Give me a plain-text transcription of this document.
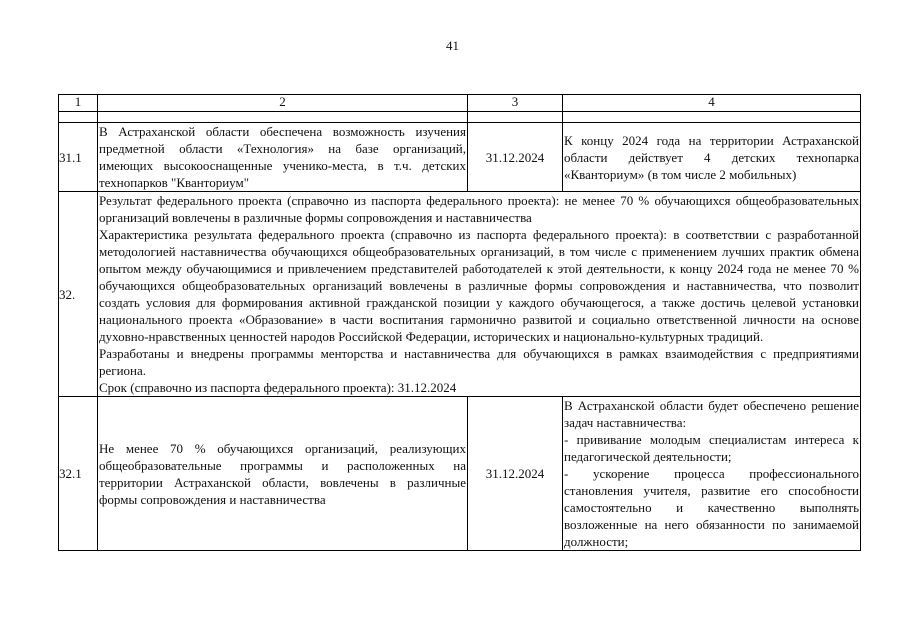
41
1	2	3	4

31.1	В Астраханской области обеспечена возможность изучения предметной области «Технология» на базе организаций, имеющих высокооснащенные ученико-места, в т.ч. детских технопарков "Кванториум"	31.12.2024	К концу 2024 года на территории Астраханской области действует 4 детских технопарка «Кванториум» (в том числе 2 мобильных)
32.	Результат федерального проекта (справочно из паспорта федерального проекта): не менее 70 % обучающихся общеобразовательных организаций вовлечены в различные формы сопровождения и наставничества
Характеристика результата федерального проекта (справочно из паспорта федерального проекта): в соответствии с разработанной методологией наставничества обучающихся общеобразовательных организаций, в том числе с применением лучших практик обмена опытом между обучающимися и привлечением представителей работодателей к этой деятельности, к концу 2024 года не менее 70 % обучающихся общеобразовательных организаций вовлечены в различные формы сопровождения и наставничества, что позволит создать условия для формирования активной гражданской позиции у каждого обучающегося, а также достичь целевой установки национального проекта «Образование» в части воспитания гармонично развитой и социально ответственной личности на основе духовно-нравственных ценностей народов Российской Федерации, исторических и национально-культурных традиций.
Разработаны и внедрены программы менторства и наставничества для обучающихся в рамках взаимодействия с предприятиями региона.
Срок (справочно из паспорта федерального проекта): 31.12.2024		

32.1	Не менее 70 % обучающихся организаций, реализующих общеобразовательные программы и расположенных на территории Астраханской области, вовлечены в различные формы сопровождения и наставничества	31.12.2024	В Астраханской области будет обеспечено решение задач наставничества:
- прививание молодым специалистам интереса к педагогической деятельности;
- ускорение процесса профессионального становления учителя, развитие его способности самостоятельно и качественно выполнять возложенные на него обязанности по занимаемой должности;
